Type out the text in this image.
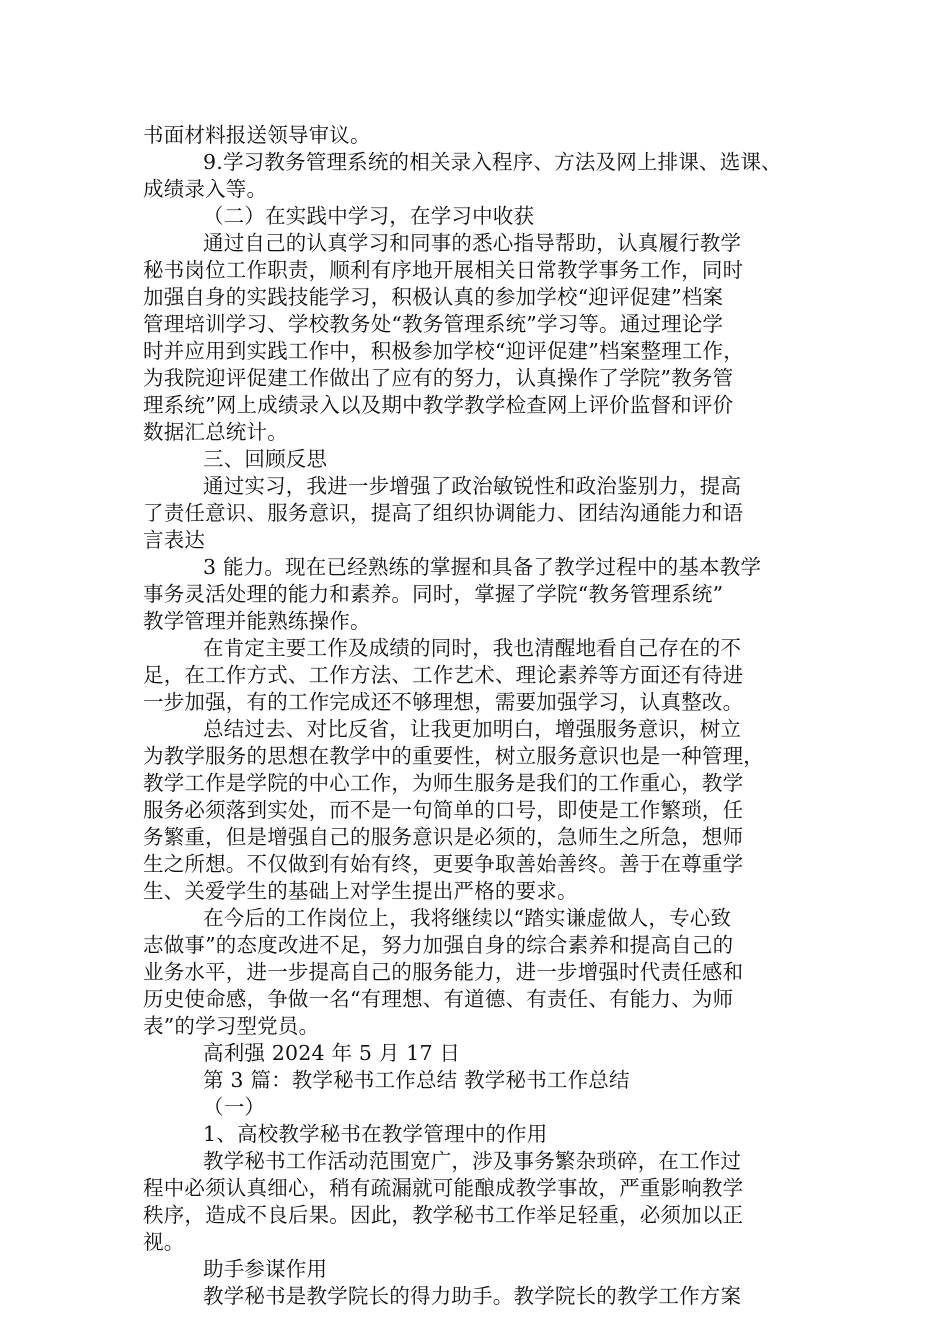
书面材料报送领导审议。
9.学习教务管理系统的相关录入程序、方法及网上排课、选课、
成绩录入等。
（二）在实践中学习，在学习中收获
通过自己的认真学习和同事的悉心指导帮助，认真履行教学
秘书岗位工作职责，顺利有序地开展相关日常教学事务工作，同时
加强自身的实践技能学习，积极认真的参加学校“迎评促建”档案
管理培训学习、学校教务处“教务管理系统”学习等。通过理论学
时并应用到实践工作中，积极参加学校“迎评促建”档案整理工作，
为我院迎评促建工作做出了应有的努力，认真操作了学院”教务管
理系统”网上成绩录入以及期中教学教学检查网上评价监督和评价
数据汇总统计。
三、回顾反思
通过实习，我进一步增强了政治敏锐性和政治鉴别力，提高
了责任意识、服务意识，提高了组织协调能力、团结沟通能力和语
言表达
3 能力。现在已经熟练的掌握和具备了教学过程中的基本教学
事务灵活处理的能力和素养。同时，掌握了学院“教务管理系统”
教学管理并能熟练操作。
在肯定主要工作及成绩的同时，我也清醒地看自己存在的不
足，在工作方式、工作方法、工作艺术、理论素养等方面还有待进
一步加强，有的工作完成还不够理想，需要加强学习，认真整改。
总结过去、对比反省，让我更加明白，增强服务意识，树立
为教学服务的思想在教学中的重要性，树立服务意识也是一种管理，
教学工作是学院的中心工作，为师生服务是我们的工作重心，教学
服务必须落到实处，而不是一句简单的口号，即使是工作繁琐，任
务繁重，但是增强自己的服务意识是必须的，急师生之所急，想师
生之所想。不仅做到有始有终，更要争取善始善终。善于在尊重学
生、关爱学生的基础上对学生提出严格的要求。
在今后的工作岗位上，我将继续以“踏实谦虚做人，专心致
志做事”的态度改进不足，努力加强自身的综合素养和提高自己的
业务水平，进一步提高自己的服务能力，进一步增强时代责任感和
历史使命感，争做一名“有理想、有道德、有责任、有能力、为师
表”的学习型党员。
高利强 2024 年 5 月 17 日
第 3 篇：教学秘书工作总结 教学秘书工作总结
（一）
1、高校教学秘书在教学管理中的作用
教学秘书工作活动范围宽广，涉及事务繁杂琐碎，在工作过
程中必须认真细心，稍有疏漏就可能酿成教学事故，严重影响教学
秩序，造成不良后果。因此，教学秘书工作举足轻重，必须加以正
视。
助手参谋作用
教学秘书是教学院长的得力助手。教学院长的教学工作方案
